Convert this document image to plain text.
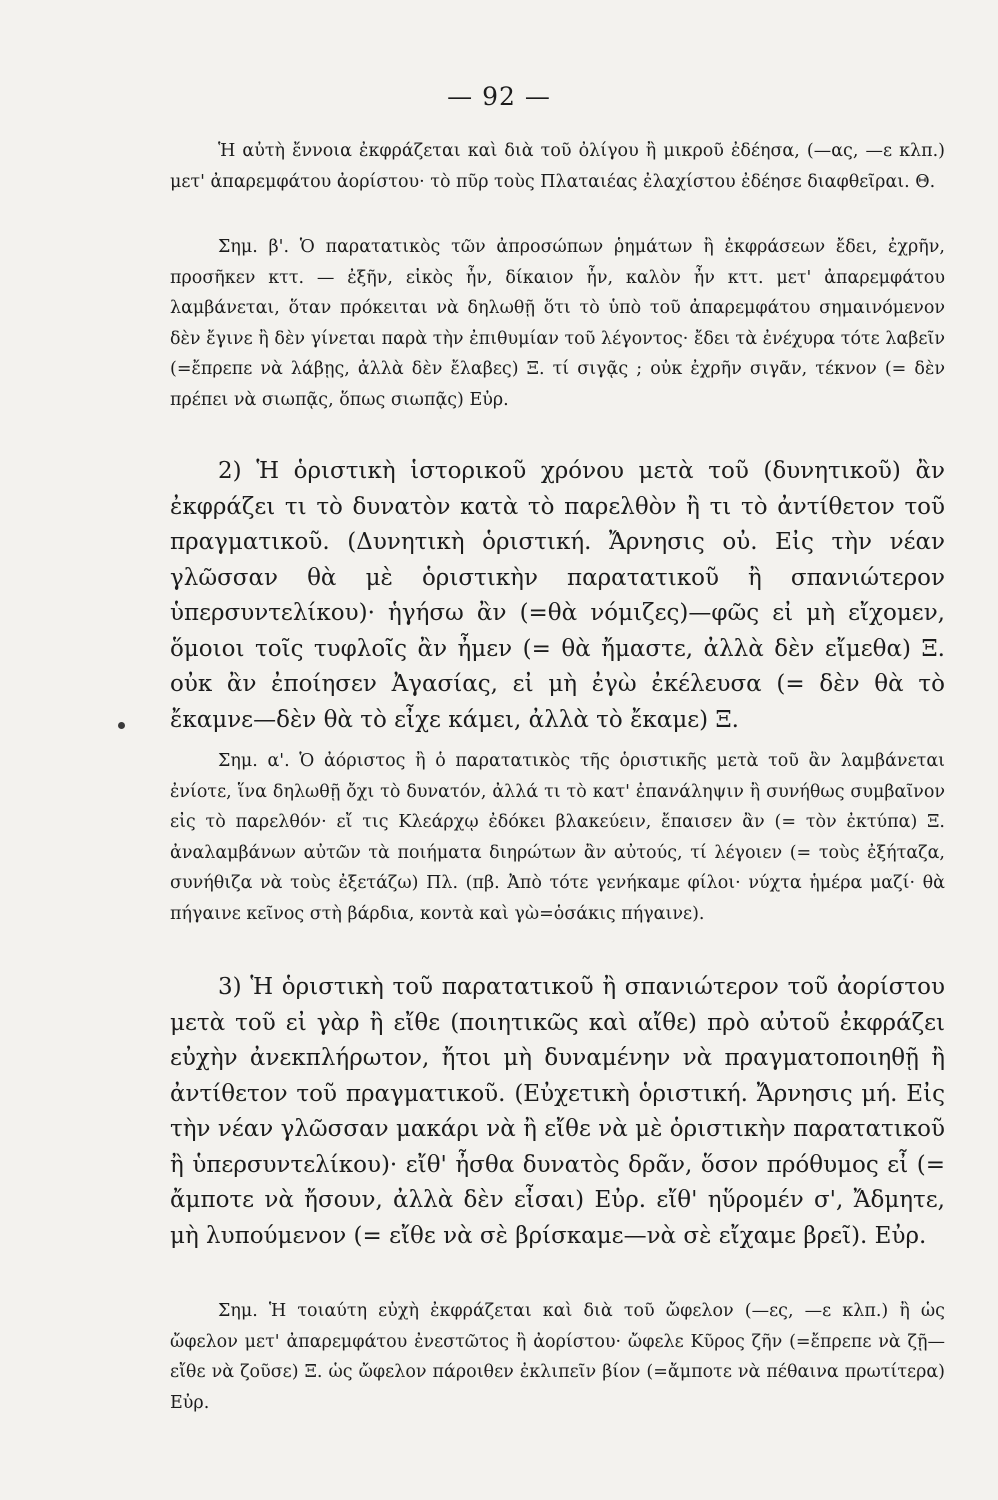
— 92 —

Ἡ αὐτὴ ἔννοια ἐκφράζεται καὶ διὰ τοῦ ὀλίγου ἢ μικροῦ ἐδέησα, (—ας, —ε κλπ.) μετ' ἀπαρεμφάτου ἀορίστου· τὸ πῦρ τοὺς Πλαταιέας ἐλαχίστου ἐδέησε διαφθεῖραι. Θ.

Σημ. β'. Ὁ παρατατικὸς τῶν ἀπροσώπων ῥημάτων ἢ ἐκφράσεων ἔδει, ἐχρῆν, προσῆκεν κττ. — ἐξῆν, εἰκὸς ἦν, δίκαιον ἦν, καλὸν ἦν κττ. μετ' ἀπαρεμφάτου λαμβάνεται, ὅταν πρόκειται νὰ δηλωθῇ ὅτι τὸ ὑπὸ τοῦ ἀπαρεμφάτου σημαινόμενον δὲν ἔγινε ἢ δὲν γίνεται παρὰ τὴν ἐπιθυμίαν τοῦ λέγοντος· ἔδει τὰ ἐνέχυρα τότε λαβεῖν (=ἔπρεπε νὰ λάβῃς, ἀλλὰ δὲν ἔλαβες) Ξ. τί σιγᾷς ; οὐκ ἐχρῆν σιγᾶν, τέκνον (= δὲν πρέπει νὰ σιωπᾷς, ὅπως σιωπᾷς) Εὐρ.

2) Ἡ ὁριστικὴ ἱστορικοῦ χρόνου μετὰ τοῦ (δυνητικοῦ) ἂν ἐκφράζει τι τὸ δυνατὸν κατὰ τὸ παρελθὸν ἢ τι τὸ ἀντίθετον τοῦ πραγματικοῦ. (Δυνητικὴ ὁριστική. Ἄρνησις οὐ. Εἰς τὴν νέαν γλῶσσαν θὰ μὲ ὁριστικὴν παρατατικοῦ ἢ σπανιώτερον ὑπερσυντελίκου)· ἡγήσω ἂν (=θὰ νόμιζες)—φῶς εἰ μὴ εἴχομεν, ὅμοιοι τοῖς τυφλοῖς ἂν ἦμεν (= θὰ ἤμαστε, ἀλλὰ δὲν εἴμεθα) Ξ. οὐκ ἂν ἐποίησεν Ἀγασίας, εἰ μὴ ἐγὼ ἐκέλευσα (= δὲν θὰ τὸ ἔκαμνε—δὲν θὰ τὸ εἶχε κάμει, ἀλλὰ τὸ ἔκαμε) Ξ.

Σημ. α'. Ὁ ἀόριστος ἢ ὁ παρατατικὸς τῆς ὁριστικῆς μετὰ τοῦ ἂν λαμβάνεται ἐνίοτε, ἵνα δηλωθῇ ὄχι τὸ δυνατόν, ἀλλά τι τὸ κατ' ἐπανάληψιν ἢ συνήθως συμβαῖνον εἰς τὸ παρελθόν· εἴ τις Κλεάρχῳ ἐδόκει βλακεύειν, ἔπαισεν ἂν (= τὸν ἐκτύπα) Ξ. ἀναλαμβάνων αὐτῶν τὰ ποιήματα διηρώτων ἂν αὐτούς, τί λέγοιεν (= τοὺς ἐξήταζα, συνήθιζα νὰ τοὺς ἐξετάζω) Πλ. (πβ. Ἀπὸ τότε γενήκαμε φίλοι· νύχτα ἡμέρα μαζί· θὰ πήγαινε κεῖνος στὴ βάρδια, κοντὰ καὶ γὼ=ὁσάκις πήγαινε).

3) Ἡ ὁριστικὴ τοῦ παρατατικοῦ ἢ σπανιώτερον τοῦ ἀορίστου μετὰ τοῦ εἰ γὰρ ἢ εἴθε (ποιητικῶς καὶ αἴθε) πρὸ αὐτοῦ ἐκφράζει εὐχὴν ἀνεκπλήρωτον, ἤτοι μὴ δυναμένην νὰ πραγματοποιηθῇ ἢ ἀντίθετον τοῦ πραγματικοῦ. (Εὐχετικὴ ὁριστική. Ἄρνησις μή. Εἰς τὴν νέαν γλῶσσαν μακάρι νὰ ἢ εἴθε νὰ μὲ ὁριστικὴν παρατατικοῦ ἢ ὑπερσυντελίκου)· εἴθ' ἦσθα δυνατὸς δρᾶν, ὅσον πρόθυμος εἶ (= ἄμποτε νὰ ἤσουν, ἀλλὰ δὲν εἶσαι) Εὐρ. εἴθ' ηὕρομέν σ', Ἄδμητε, μὴ λυπούμενον (= εἴθε νὰ σὲ βρίσκαμε—νὰ σὲ εἴχαμε βρεῖ). Εὐρ.

Σημ. Ἡ τοιαύτη εὐχὴ ἐκφράζεται καὶ διὰ τοῦ ὤφελον (—ες, —ε κλπ.) ἢ ὡς ὤφελον μετ' ἀπαρεμφάτου ἐνεστῶτος ἢ ἀορίστου· ὤφελε Κῦρος ζῆν (=ἔπρεπε νὰ ζῇ—εἴθε νὰ ζοῦσε) Ξ. ὡς ὤφελον πάροιθεν ἐκλιπεῖν βίον (=ἄμποτε νὰ πέθαινα πρωτίτερα) Εὐρ.
